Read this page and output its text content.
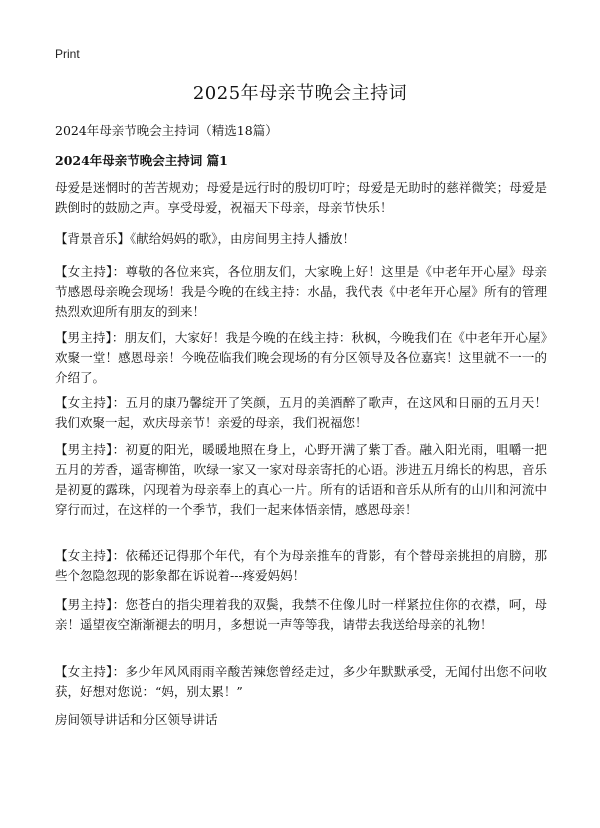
Print
2025年母亲节晚会主持词

2024年母亲节晚会主持词（精选18篇）

2024年母亲节晚会主持词 篇1

母爱是迷惘时的苦苦规劝；母爱是远行时的殷切叮咛；母爱是无助时的慈祥微笑；母爱是跌倒时的鼓励之声。享受母爱，祝福天下母亲，母亲节快乐！

【背景音乐】《献给妈妈的歌》，由房间男主持人播放！

【女主持】：尊敬的各位来宾，各位朋友们，大家晚上好！这里是《中老年开心屋》母亲节感恩母亲晚会现场！我是今晚的在线主持：水晶，我代表《中老年开心屋》所有的管理热烈欢迎所有朋友的到来！

【男主持】：朋友们，大家好！我是今晚的在线主持：秋枫，今晚我们在《中老年开心屋》欢聚一堂！感恩母亲！今晚莅临我们晚会现场的有分区领导及各位嘉宾！这里就不一一的介绍了。

【女主持】：五月的康乃馨绽开了笑颜，五月的美酒醉了歌声，在这风和日丽的五月天！我们欢聚一起，欢庆母亲节！亲爱的母亲，我们祝福您！

【男主持】：初夏的阳光，暖暖地照在身上，心野开满了紫丁香。融入阳光雨，咀嚼一把五月的芳香，遥寄柳笛，吹绿一家又一家对母亲寄托的心语。涉进五月绵长的构思，音乐是初夏的露珠，闪现着为母亲奉上的真心一片。所有的话语和音乐从所有的山川和河流中穿行而过，在这样的一个季节，我们一起来体悟亲情，感恩母亲！

【女主持】：依稀还记得那个年代，有个为母亲推车的背影，有个替母亲挑担的肩膀，那些个忽隐忽现的影象都在诉说着---疼爱妈妈！

【男主持】：您苍白的指尖理着我的双鬓，我禁不住像儿时一样紧拉住你的衣襟，呵，母亲！遥望夜空渐渐褪去的明月，多想说一声等等我，请带去我送给母亲的礼物！

【女主持】：多少年风风雨雨辛酸苦辣您曾经走过，多少年默默承受，无闻付出您不问收获，好想对您说：“妈，别太累！”

房间领导讲话和分区领导讲话
